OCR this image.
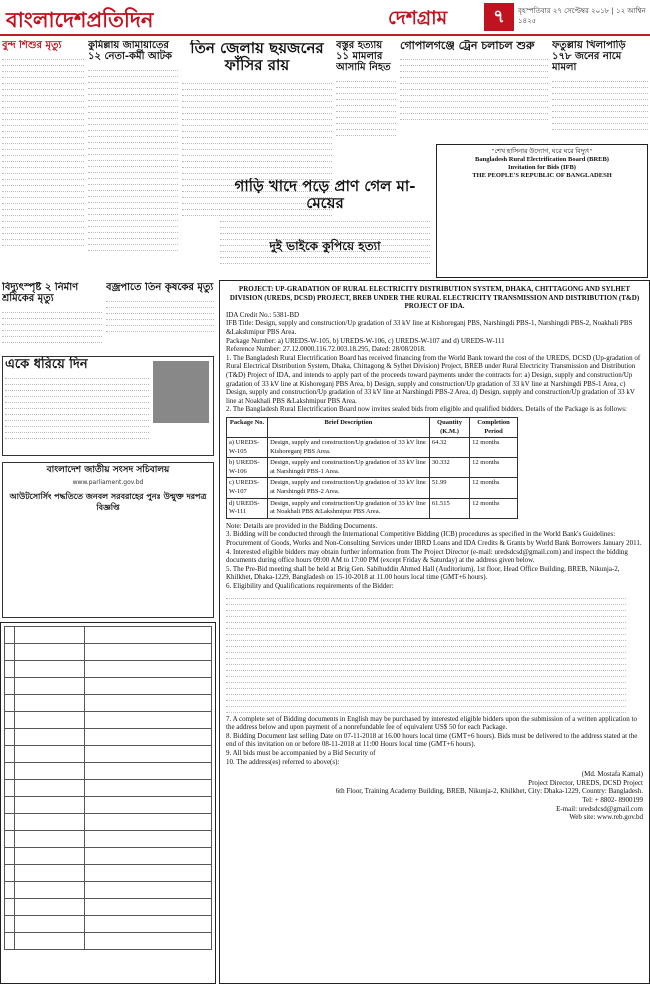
বাংলাদেশপ্রতিদিন	দেশগ্রাম	৭	বৃহস্পতিবার ২৭ সেপ্টেম্বর ২০১৮ | ১২ আশ্বিন ১৪২৫
বুন্দ শিশুর মৃত্যু	কুমিল্লায় জামায়াতের ১২ নেতা-কর্মী আটক	তিন জেলায় ছয়জনের ফাঁসির রায়
বস্তুর হত্যায় ১১ মামলার আসামি নিহত
গোপালগঞ্জে ট্রেন চলাচল শুরু	ফতুল্লায় খিলাপাড়ি ১৭৮ জনের নামে মামলা
বিদ্যুৎস্পৃষ্ট ২ নির্মাণ শ্রমিকের মৃত্যু
বজ্রপাতে তিন কৃষকের মৃত্যু
একে ধরিয়ে দিন
বাংলাদেশ জাতীয় সংসদ সচিবালয়
www.parliament.gov.bd
আউটসোর্সিং পদ্ধতিতে জনবল সরবরাহের পুনঃ উন্মুক্ত দরপত্র বিজ্ঞপ্তি
গাড়ি খাদে পড়ে প্রাণ গেল মা-মেয়ের
দুই ভাইকে কুপিয়ে হত্যা
"শেখ হাসিনার উদ্যোগ, ঘরে ঘরে বিদ্যুৎ"
Bangladesh Rural Electrification Board (BREB)
Invitation for Bids (IFB)
THE PEOPLE'S REPUBLIC OF BANGLADESH
PROJECT: UP-GRADATION OF RURAL ELECTRICITY DISTRIBUTION SYSTEM, DHAKA, CHITTAGONG AND SYLHET DIVISION (UREDS, DCSD) PROJECT, BREB UNDER THE RURAL ELECTRICITY TRANSMISSION AND DISTRIBUTION (T&D) PROJECT OF IDA.
IDA Credit No.: 5381-BD
IFB Title: Design, supply and construction/Up gradation of 33 kV line at Kishoreganj PBS, Narshingdi PBS-1, Narshingdi PBS-2, Noakhali PBS &Lakshmipur PBS Area.
Package Number: a) UREDS-W-105, b) UREDS-W-106, c) UREDS-W-107 and d) UREDS-W-111
Reference Number: 27.12.0000.116.72.003.18.295, Dated: 28/08/2018.
1. The Bangladesh Rural Electrification Board has received financing from the World Bank toward the cost of the UREDS, DCSD (Up-gradation of Rural Electrical Distribution System, Dhaka, Chittagong & Sylhet Division) Project, BREB under Rural Electricity Transmission and Distribution (T&D) Project of IDA, and intends to apply part of the proceeds toward payments under the contracts for: a) Design, supply and construction/Up gradation of 33 kV line at Kishoreganj PBS Area, b) Design, supply and construction/Up gradation of 33 kV line at Narshingdi PBS-1 Area, c) Design, supply and construction/Up gradation of 33 kV line at Narshingdi PBS-2 Area, d) Design, supply and construction/Up gradation of 33 kV line at Noakhali PBS &Lakshmipur PBS Area.
2. The Bangladesh Rural Electrification Board now invites sealed bids from eligible and qualified bidders. Details of the Package is as follows:
Package No.	Brief Description	Quantity (K.M.)	Completion Period
a) UREDS-W-105	Design, supply and construction/Up gradation of 33 kV line Kishoreganj PBS Area.	64.32	12 months
b) UREDS-W-106	Design, supply and construction/Up gradation of 33 kV line at Narshingdi PBS-1 Area.	30.332	12 months
c) UREDS-W-107	Design, supply and construction/Up gradation of 33 kV line at Narshingdi PBS-2 Area.	51.99	12 months
d) UREDS-W-111	Design, supply and construction/Up gradation of 33 kV line at Noakhali PBS &Lakshmipur PBS Area.	61.515	12 months
Note: Details are provided in the Bidding Documents.
3. Bidding will be conducted through the International Competitive Bidding (ICB) procedures as specified in the World Bank's Guidelines: Procurement of Goods, Works and Non-Consulting Services under IBRD Loans and IDA Credits & Grants by World Bank Borrowers January 2011.
4. Interested eligible bidders may obtain further information from The Project Director (e-mail: uredsdcsd@gmail.com) and inspect the bidding documents during office hours 09:00 AM to 17:00 PM (except Friday & Saturday) at the address given below.
5. The Pre-Bid meeting shall be held at Brig Gen. Sabihuddin Ahmed Hall (Auditorium), 1st floor, Head Office Building, BREB, Nikunja-2, Khilkhet, Dhaka-1229, Bangladesh on 15-10-2018 at 11.00 hours local time (GMT+6 hours).
6. Eligibility and Qualifications requirements of the Bidder:
7. A complete set of Bidding documents in English may be purchased by interested eligible bidders upon the submission of a written application to the address below and upon payment of a nonrefundable fee of equivalent US$ 50 for each Package.
8. Bidding Document last selling Date on 07-11-2018 at 16.00 hours local time (GMT+6 hours). Bids must be delivered to the address stated at the end of this invitation on or before 08-11-2018 at 11:00 Hours local time (GMT+6 hours).
9. All bids must be accompanied by a Bid Security of
10. The address(es) referred to above(s):
(Md. Mostafa Kamal)
Project Director, UREDS, DCSD Project
6th Floor, Training Academy Building, BREB, Nikunja-2, Khilkhet, City: Dhaka-1229, Country: Bangladesh.
Tel: + 8802- 8900199
E-mail: uredsdcsd@gmail.com
Web site: www.reb.gov.bd
